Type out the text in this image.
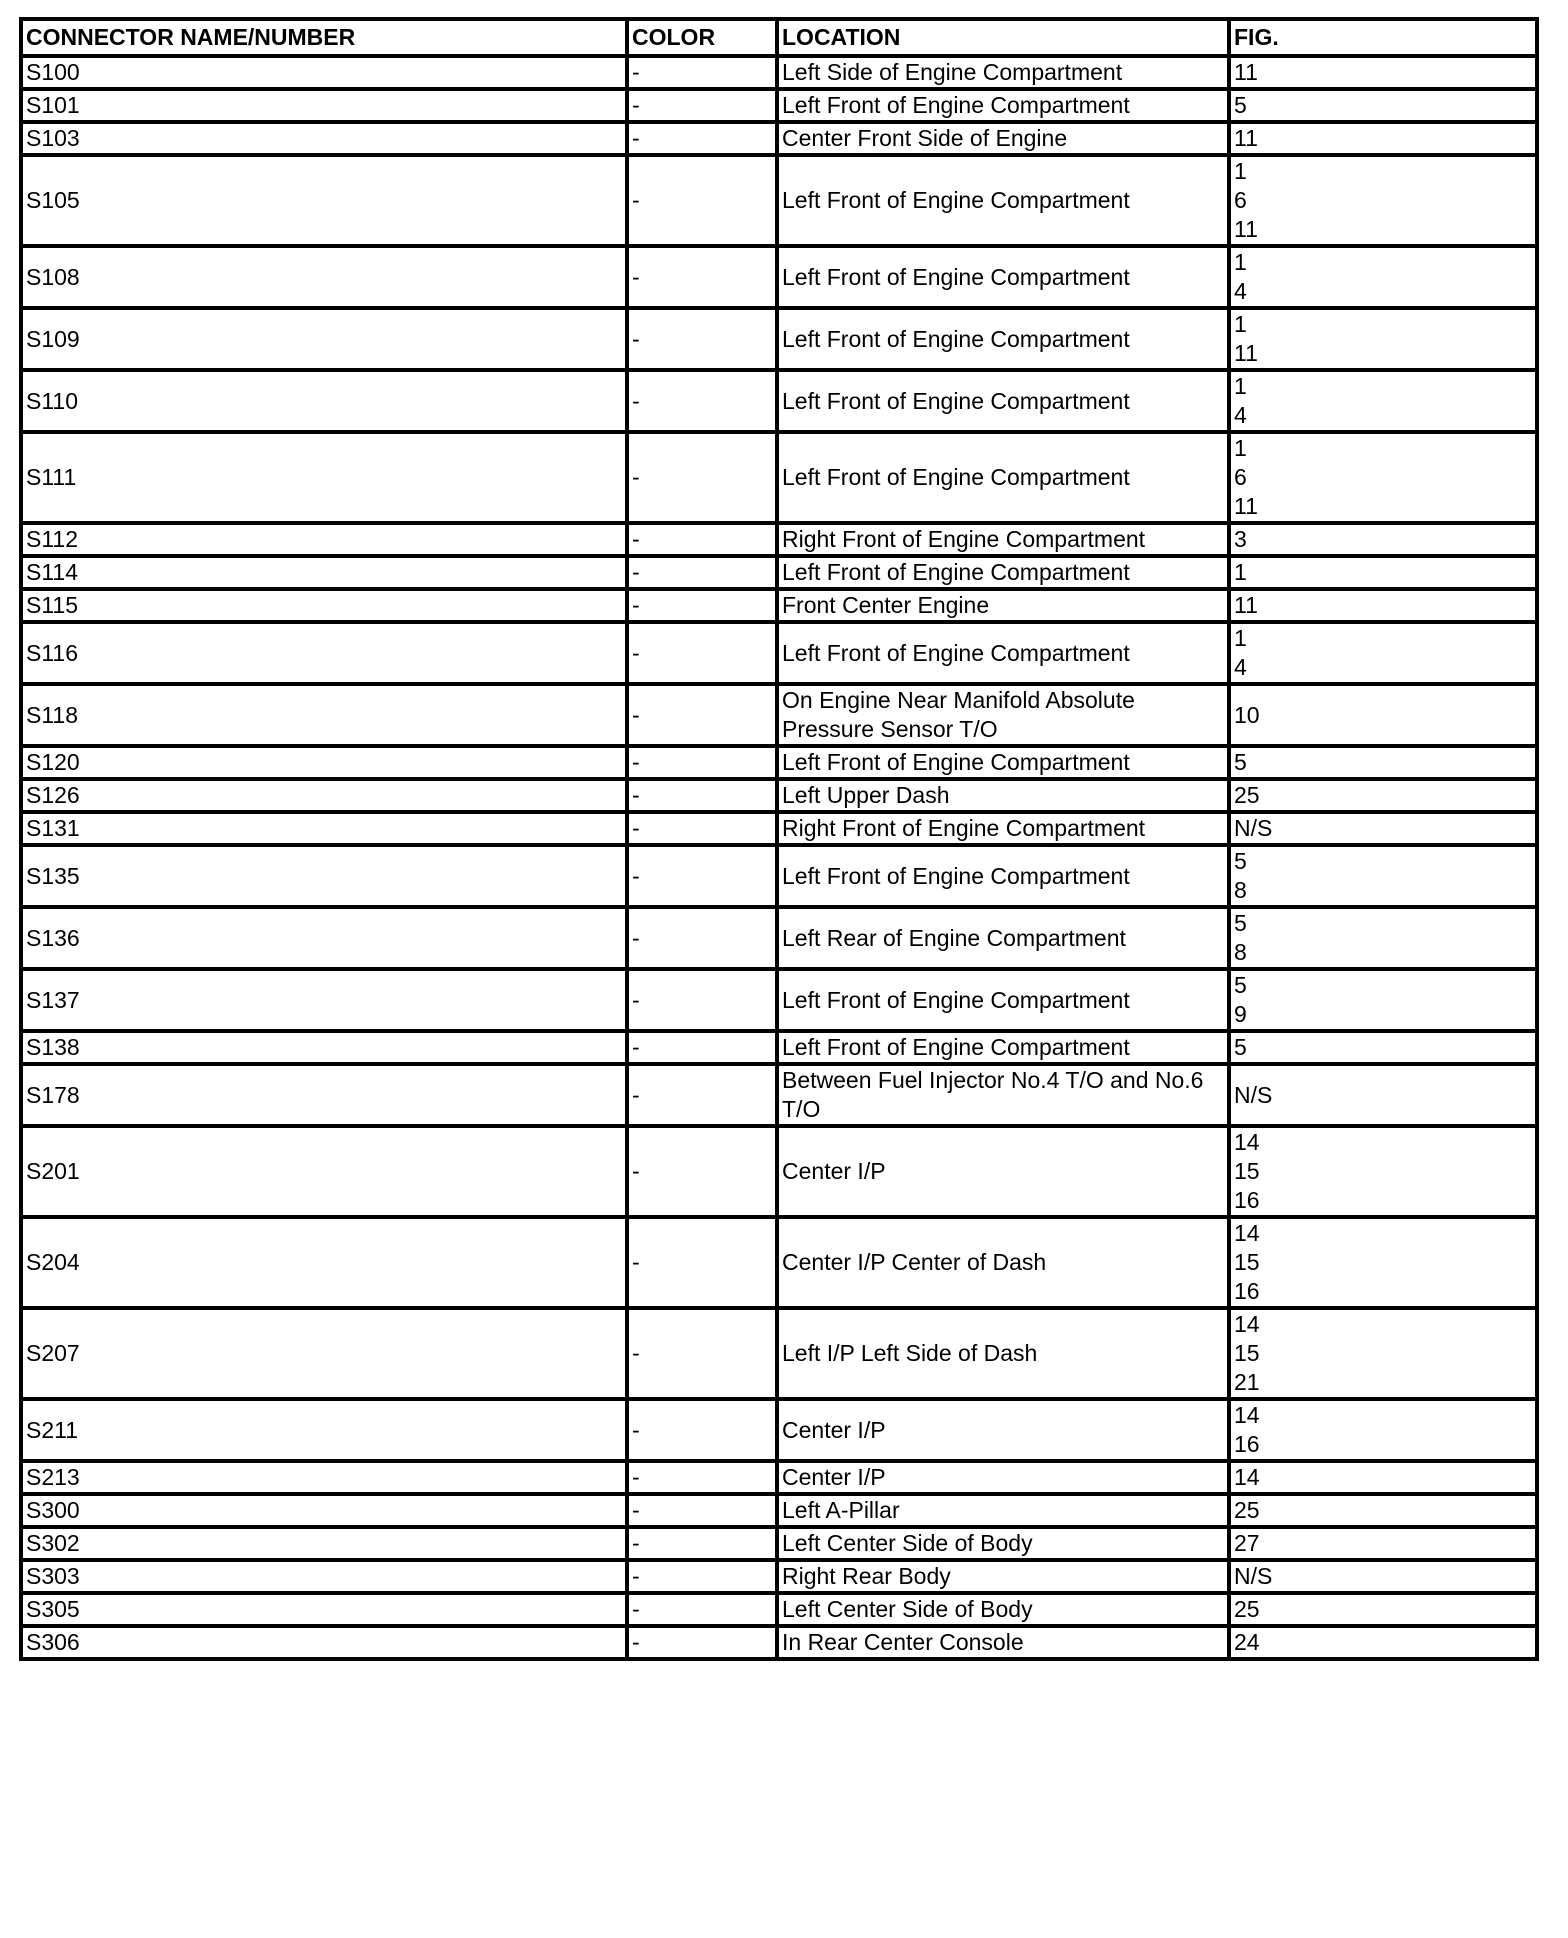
CONNECTOR NAME/NUMBER	COLOR	LOCATION	FIG.
S100	-	Left Side of Engine Compartment	11

S101	-	Left Front of Engine Compartment	5

S103	-	Center Front Side of Engine	11

S105	-	Left Front of Engine Compartment	1
6
11

S108	-	Left Front of Engine Compartment	1
4

S109	-	Left Front of Engine Compartment	1
11

S110	-	Left Front of Engine Compartment	1
4

S111	-	Left Front of Engine Compartment	1
6
11

S112	-	Right Front of Engine Compartment	3

S114	-	Left Front of Engine Compartment	1

S115	-	Front Center Engine	11

S116	-	Left Front of Engine Compartment	1
4

S118	-	On Engine Near Manifold Absolute Pressure Sensor T/O	10

S120	-	Left Front of Engine Compartment	5

S126	-	Left Upper Dash	25

S131	-	Right Front of Engine Compartment	N/S

S135	-	Left Front of Engine Compartment	5
8

S136	-	Left Rear of Engine Compartment	5
8

S137	-	Left Front of Engine Compartment	5
9

S138	-	Left Front of Engine Compartment	5

S178	-	Between Fuel Injector No.4 T/O and No.6 T/O	N/S

S201	-	Center I/P	14
15
16

S204	-	Center I/P Center of Dash	14
15
16

S207	-	Left I/P Left Side of Dash	14
15
21

S211	-	Center I/P	14
16

S213	-	Center I/P	14

S300	-	Left A-Pillar	25

S302	-	Left Center Side of Body	27

S303	-	Right Rear Body	N/S

S305	-	Left Center Side of Body	25

S306	-	In Rear Center Console	24
